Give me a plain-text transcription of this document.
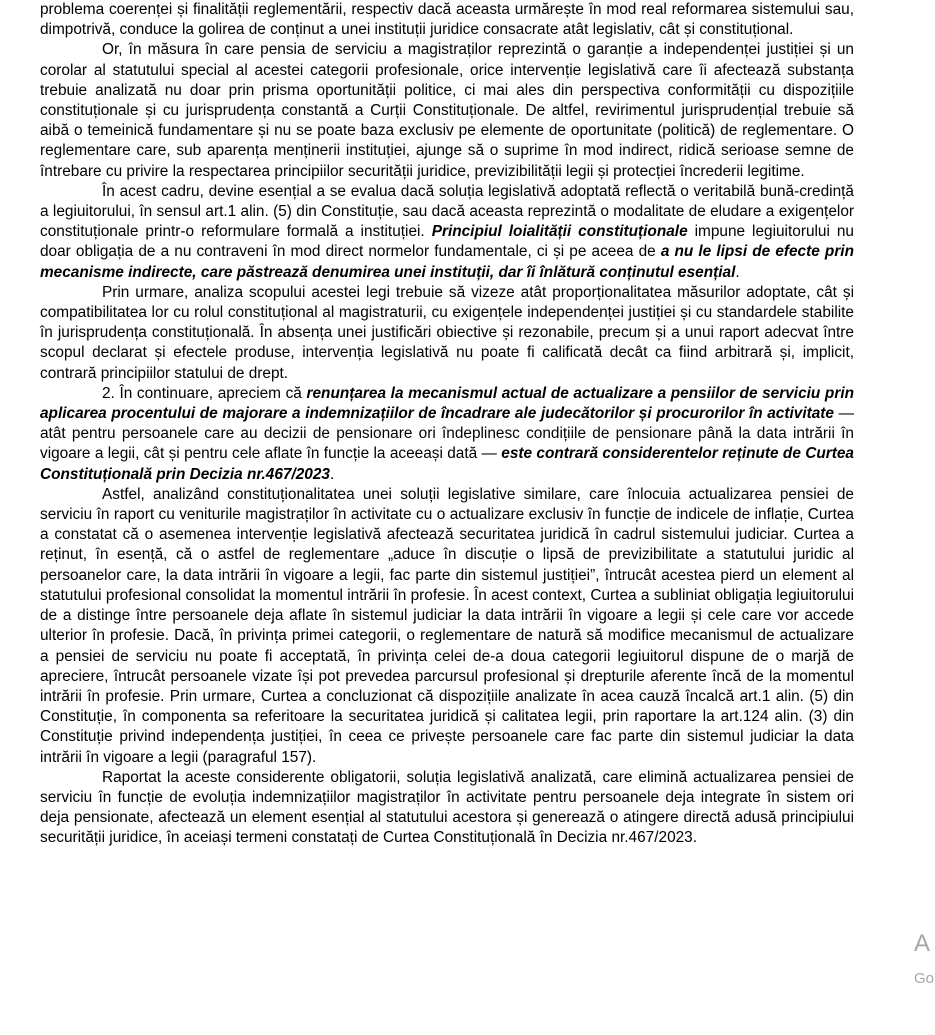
problema coerenței și finalității reglementării, respectiv dacă aceasta urmărește în mod real reformarea sistemului sau, dimpotrivă, conduce la golirea de conținut a unei instituții juridice consacrate atât legislativ, cât și constituțional.

Or, în măsura în care pensia de serviciu a magistraților reprezintă o garanție a independenței justiției și un corolar al statutului special al acestei categorii profesionale, orice intervenție legislativă care îi afectează substanța trebuie analizată nu doar prin prisma oportunității politice, ci mai ales din perspectiva conformității cu dispozițiile constituționale și cu jurisprudența constantă a Curții Constituționale. De altfel, revirimentul jurisprudențial trebuie să aibă o temeinică fundamentare și nu se poate baza exclusiv pe elemente de oportunitate (politică) de reglementare. O reglementare care, sub aparența menținerii instituției, ajunge să o suprime în mod indirect, ridică serioase semne de întrebare cu privire la respectarea principiilor securității juridice, previzibilității legii și protecției încrederii legitime.

În acest cadru, devine esențial a se evalua dacă soluția legislativă adoptată reflectă o veritabilă bună-credință a legiuitorului, în sensul art.1 alin. (5) din Constituție, sau dacă aceasta reprezintă o modalitate de eludare a exigențelor constituționale printr-o reformulare formală a instituției. Principiul loialității constituționale impune legiuitorului nu doar obligația de a nu contraveni în mod direct normelor fundamentale, ci și pe aceea de a nu le lipsi de efecte prin mecanisme indirecte, care păstrează denumirea unei instituții, dar îi înlătură conținutul esențial.

Prin urmare, analiza scopului acestei legi trebuie să vizeze atât proporționalitatea măsurilor adoptate, cât și compatibilitatea lor cu rolul constituțional al magistraturii, cu exigențele independenței justiției și cu standardele stabilite în jurisprudența constituțională. În absența unei justificări obiective și rezonabile, precum și a unui raport adecvat între scopul declarat și efectele produse, intervenția legislativă nu poate fi calificată decât ca fiind arbitrară și, implicit, contrară principiilor statului de drept.

2. În continuare, apreciem că renunțarea la mecanismul actual de actualizare a pensiilor de serviciu prin aplicarea procentului de majorare a indemnizațiilor de încadrare ale judecătorilor și procurorilor în activitate — atât pentru persoanele care au decizii de pensionare ori îndeplinesc condițiile de pensionare până la data intrării în vigoare a legii, cât și pentru cele aflate în funcție la aceeași dată — este contrară considerentelor reținute de Curtea Constituțională prin Decizia nr.467/2023.

Astfel, analizând constituționalitatea unei soluții legislative similare, care înlocuia actualizarea pensiei de serviciu în raport cu veniturile magistraților în activitate cu o actualizare exclusiv în funcție de indicele de inflație, Curtea a constatat că o asemenea intervenție legislativă afectează securitatea juridică în cadrul sistemului judiciar. Curtea a reținut, în esență, că o astfel de reglementare „aduce în discuție o lipsă de previzibilitate a statutului juridic al persoanelor care, la data intrării în vigoare a legii, fac parte din sistemul justiției”, întrucât acestea pierd un element al statutului profesional consolidat la momentul intrării în profesie. În acest context, Curtea a subliniat obligația legiuitorului de a distinge între persoanele deja aflate în sistemul judiciar la data intrării în vigoare a legii și cele care vor accede ulterior în profesie. Dacă, în privința primei categorii, o reglementare de natură să modifice mecanismul de actualizare a pensiei de serviciu nu poate fi acceptată, în privința celei de-a doua categorii legiuitorul dispune de o marjă de apreciere, întrucât persoanele vizate își pot prevedea parcursul profesional și drepturile aferente încă de la momentul intrării în profesie. Prin urmare, Curtea a concluzionat că dispozițiile analizate în acea cauză încalcă art.1 alin. (5) din Constituție, în componenta sa referitoare la securitatea juridică și calitatea legii, prin raportare la art.124 alin. (3) din Constituție privind independența justiției, în ceea ce privește persoanele care fac parte din sistemul judiciar la data intrării în vigoare a legii (paragraful 157).

Raportat la aceste considerente obligatorii, soluția legislativă analizată, care elimină actualizarea pensiei de serviciu în funcție de evoluția indemnizațiilor magistraților în activitate pentru persoanele deja integrate în sistem ori deja pensionate, afectează un element esențial al statutului acestora și generează o atingere directă adusă principiului securității juridice, în aceiași termeni constatați de Curtea Constituțională în Decizia nr.467/2023.

A
Go
